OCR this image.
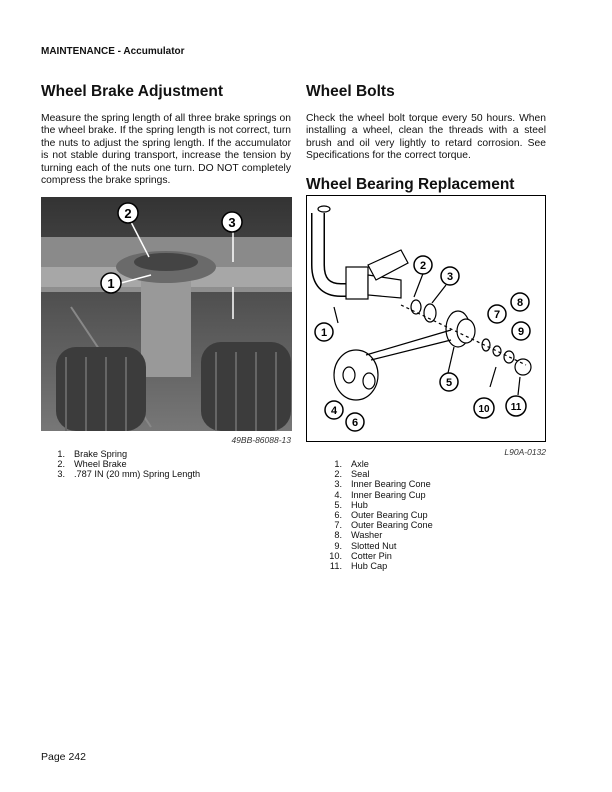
MAINTENANCE - Accumulator
Wheel Brake Adjustment
Measure the spring length of all three brake springs on the wheel brake. If the spring length is not correct, turn the nuts to adjust the spring length. If the accumulator is not stable during transport, increase the tension by turning each of the nuts one turn. DO NOT completely compress the brake springs.
2
3
1
49BB-86088-13
1. Brake Spring
2. Wheel Brake
3. .787 IN (20 mm) Spring Length
Wheel Bolts
Check the wheel bolt torque every 50 hours. When installing a wheel, clean the threads with a steel brush and oil very lightly to retard corrosion. See Specifications for the correct torque.
Wheel Bearing Replacement
1
2
3
4
5
6
7
8
9
10 11
L90A-0132
1. Axle
2. Seal
3. Inner Bearing Cone
4. Inner Bearing Cup
5. Hub
6. Outer Bearing Cup
7. Outer Bearing Cone
8. Washer
9. Slotted Nut
10. Cotter Pin
11. Hub Cap
Page 242
